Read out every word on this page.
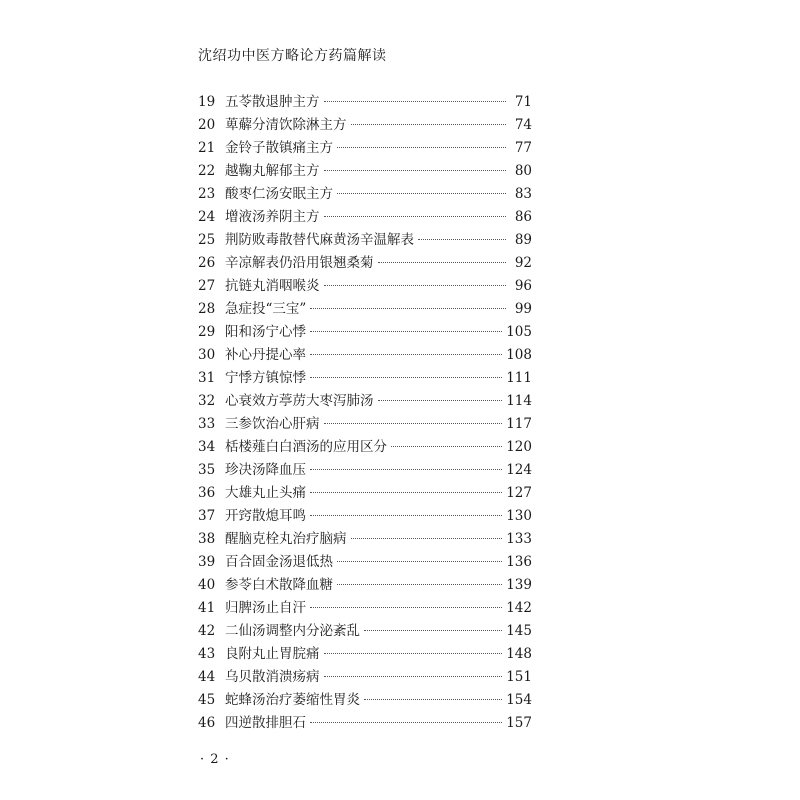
沈绍功中医方略论方药篇解读
19 五苓散退肿主方	71
20 萆薢分清饮除淋主方	74
21 金铃子散镇痛主方	77
22 越鞠丸解郁主方	80
23 酸枣仁汤安眠主方	83
24 增液汤养阴主方	86
25 荆防败毒散替代麻黄汤辛温解表	89
26 辛凉解表仍沿用银翘桑菊	92
27 抗链丸消咽喉炎	96
28 急症投“三宝”	99
29 阳和汤宁心悸	105
30 补心丹提心率	108
31 宁悸方镇惊悸	111
32 心衰效方葶苈大枣泻肺汤	114
33 三参饮治心肝病	117
34 栝楼薤白白酒汤的应用区分	120
35 珍决汤降血压	124
36 大雄丸止头痛	127
37 开窍散熄耳鸣	130
38 醒脑克栓丸治疗脑病	133
39 百合固金汤退低热	136
40 参苓白术散降血糖	139
41 归脾汤止自汗	142
42 二仙汤调整内分泌紊乱	145
43 良附丸止胃脘痛	148
44 乌贝散消溃疡病	151
45 蛇蜂汤治疗萎缩性胃炎	154
46 四逆散排胆石	157
· 2 ·
